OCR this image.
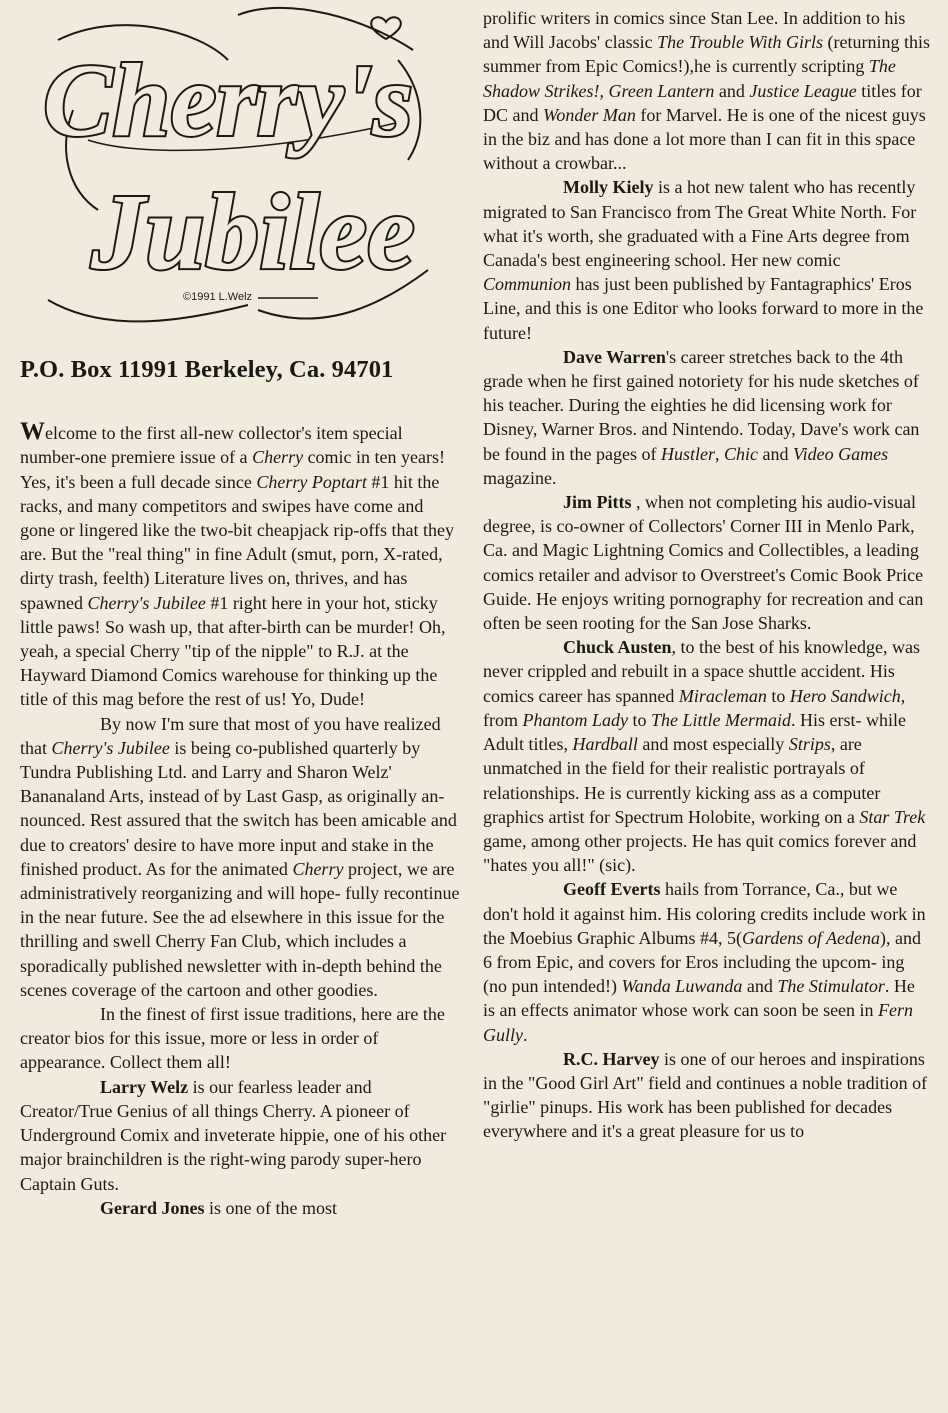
Cherry's
Jubilee
©1991 L.Welz
P.O. Box 11991 Berkeley, Ca. 94701

Welcome to the first all-new collector's item special number-one premiere issue of a Cherry comic in ten years! Yes, it's been a full decade since Cherry Poptart #1 hit the racks, and many competitors and swipes have come and gone or lingered like the two-bit cheapjack rip-offs that they are. But the "real thing" in fine Adult (smut, porn, X-rated, dirty trash, feelth) Literature lives on, thrives, and has spawned Cherry's Jubilee #1 right here in your hot, sticky little paws! So wash up, that after-birth can be murder! Oh, yeah, a special Cherry "tip of the nipple" to R.J. at the Hayward Diamond Comics warehouse for thinking up the title of this mag before the rest of us! Yo, Dude!

By now I'm sure that most of you have realized that Cherry's Jubilee is being co-published quarterly by Tundra Publishing Ltd. and Larry and Sharon Welz' Bananaland Arts, instead of by Last Gasp, as originally an- nounced. Rest assured that the switch has been amicable and due to creators' desire to have more input and stake in the finished product. As for the animated Cherry project, we are administratively reorganizing and will hope- fully recontinue in the near future. See the ad elsewhere in this issue for the thrilling and swell Cherry Fan Club, which includes a sporadically published newsletter with in-depth behind the scenes coverage of the cartoon and other goodies.

In the finest of first issue traditions, here are the creator bios for this issue, more or less in order of appearance. Collect them all!

Larry Welz is our fearless leader and Creator/True Genius of all things Cherry. A pioneer of Underground Comix and inveterate hippie, one of his other major brainchildren is the right-wing parody super-hero Captain Guts.

Gerard Jones is one of the most

prolific writers in comics since Stan Lee. In addition to his and Will Jacobs' classic The Trouble With Girls (returning this summer from Epic Comics!),he is currently scripting The Shadow Strikes!, Green Lantern and Justice League titles for DC and Wonder Man for Marvel. He is one of the nicest guys in the biz and has done a lot more than I can fit in this space without a crowbar...

Molly Kiely is a hot new talent who has recently migrated to San Francisco from The Great White North. For what it's worth, she graduated with a Fine Arts degree from Canada's best engineering school. Her new comic Communion has just been published by Fantagraphics' Eros Line, and this is one Editor who looks forward to more in the future!

Dave Warren's career stretches back to the 4th grade when he first gained notoriety for his nude sketches of his teacher. During the eighties he did licensing work for Disney, Warner Bros. and Nintendo. Today, Dave's work can be found in the pages of Hustler, Chic and Video Games magazine.

Jim Pitts , when not completing his audio-visual degree, is co-owner of Collectors' Corner III in Menlo Park, Ca. and Magic Lightning Comics and Collectibles, a leading comics retailer and advisor to Overstreet's Comic Book Price Guide. He enjoys writing pornography for recreation and can often be seen rooting for the San Jose Sharks.

Chuck Austen, to the best of his knowledge, was never crippled and rebuilt in a space shuttle accident. His comics career has spanned Miracleman to Hero Sandwich, from Phantom Lady to The Little Mermaid. His erst- while Adult titles, Hardball and most especially Strips, are unmatched in the field for their realistic portrayals of relationships. He is currently kicking ass as a computer graphics artist for Spectrum Holobite, working on a Star Trek game, among other projects. He has quit comics forever and "hates you all!" (sic).

Geoff Everts hails from Torrance, Ca., but we don't hold it against him. His coloring credits include work in the Moebius Graphic Albums #4, 5(Gardens of Aedena), and 6 from Epic, and covers for Eros including the upcom- ing (no pun intended!) Wanda Luwanda and The Stimulator. He is an effects animator whose work can soon be seen in Fern Gully.

R.C. Harvey is one of our heroes and inspirations in the "Good Girl Art" field and continues a noble tradition of "girlie" pinups. His work has been published for decades everywhere and it's a great pleasure for us to
